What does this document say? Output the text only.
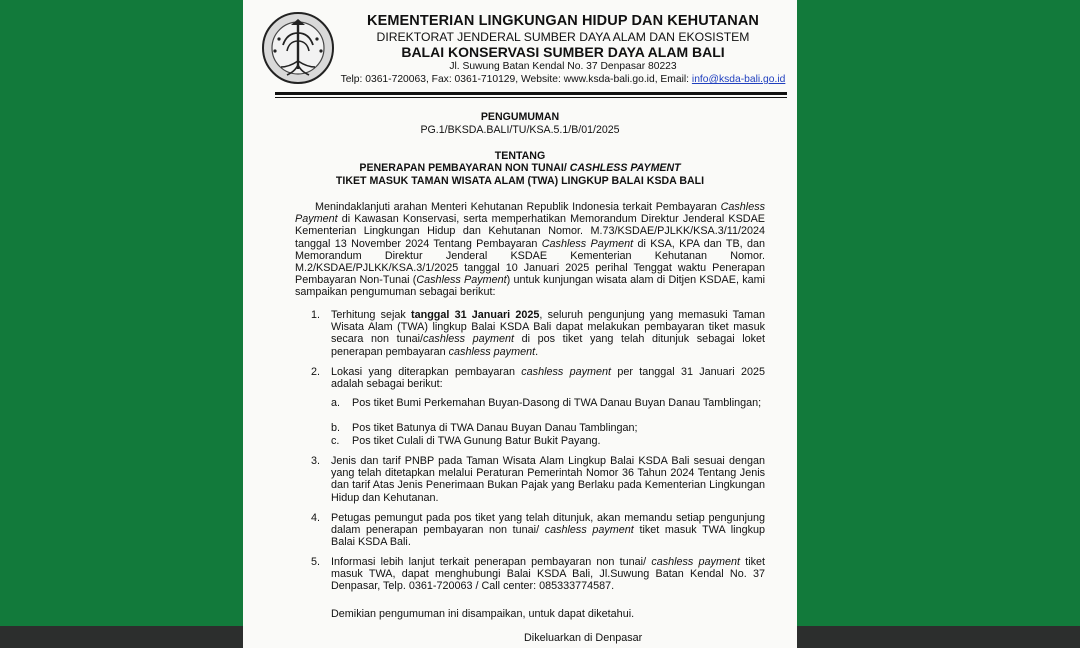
KEMENTERIAN LINGKUNGAN HIDUP DAN KEHUTANAN
DIREKTORAT JENDERAL SUMBER DAYA ALAM DAN EKOSISTEM
BALAI KONSERVASI SUMBER DAYA ALAM BALI
Jl. Suwung Batan Kendal No. 37 Denpasar 80223
Telp: 0361-720063, Fax: 0361-710129, Website: www.ksda-bali.go.id, Email: info@ksda-bali.go.id
PENGUMUMAN
PG.1/BKSDA.BALI/TU/KSA.5.1/B/01/2025
TENTANG
PENERAPAN PEMBAYARAN NON TUNAI/ CASHLESS PAYMENT
TIKET MASUK TAMAN WISATA ALAM (TWA) LINGKUP BALAI KSDA BALI
Menindaklanjuti arahan Menteri Kehutanan Republik Indonesia terkait Pembayaran Cashless Payment di Kawasan Konservasi, serta memperhatikan Memorandum Direktur Jenderal KSDAE Kementerian Lingkungan Hidup dan Kehutanan Nomor. M.73/KSDAE/PJLKK/KSA.3/11/2024 tanggal 13 November 2024 Tentang Pembayaran Cashless Payment di KSA, KPA dan TB, dan Memorandum Direktur Jenderal KSDAE Kementerian Kehutanan Nomor. M.2/KSDAE/PJLKK/KSA.3/1/2025 tanggal 10 Januari 2025 perihal Tenggat waktu Penerapan Pembayaran Non-Tunai (Cashless Payment) untuk kunjungan wisata alam di Ditjen KSDAE, kami sampaikan pengumuman sebagai berikut:
1. Terhitung sejak tanggal 31 Januari 2025, seluruh pengunjung yang memasuki Taman Wisata Alam (TWA) lingkup Balai KSDA Bali dapat melakukan pembayaran tiket masuk secara non tunai/cashless payment di pos tiket yang telah ditunjuk sebagai loket penerapan pembayaran cashless payment.
2. Lokasi yang diterapkan pembayaran cashless payment per tanggal 31 Januari 2025 adalah sebagai berikut:
a. Pos tiket Bumi Perkemahan Buyan-Dasong di TWA Danau Buyan Danau Tamblingan;
b. Pos tiket Batunya di TWA Danau Buyan Danau Tamblingan;
c. Pos tiket Culali di TWA Gunung Batur Bukit Payang.
3. Jenis dan tarif PNBP pada Taman Wisata Alam Lingkup Balai KSDA Bali sesuai dengan yang telah ditetapkan melalui Peraturan Pemerintah Nomor 36 Tahun 2024 Tentang Jenis dan tarif Atas Jenis Penerimaan Bukan Pajak yang Berlaku pada Kementerian Lingkungan Hidup dan Kehutanan.
4. Petugas pemungut pada pos tiket yang telah ditunjuk, akan memandu setiap pengunjung dalam penerapan pembayaran non tunai/ cashless payment tiket masuk TWA lingkup Balai KSDA Bali.
5. Informasi lebih lanjut terkait penerapan pembayaran non tunai/ cashless payment tiket masuk TWA, dapat menghubungi Balai KSDA Bali, Jl.Suwung Batan Kendal No. 37 Denpasar, Telp. 0361-720063 / Call center: 085333774587.
Demikian pengumuman ini disampaikan, untuk dapat diketahui.
Dikeluarkan di Denpasar
